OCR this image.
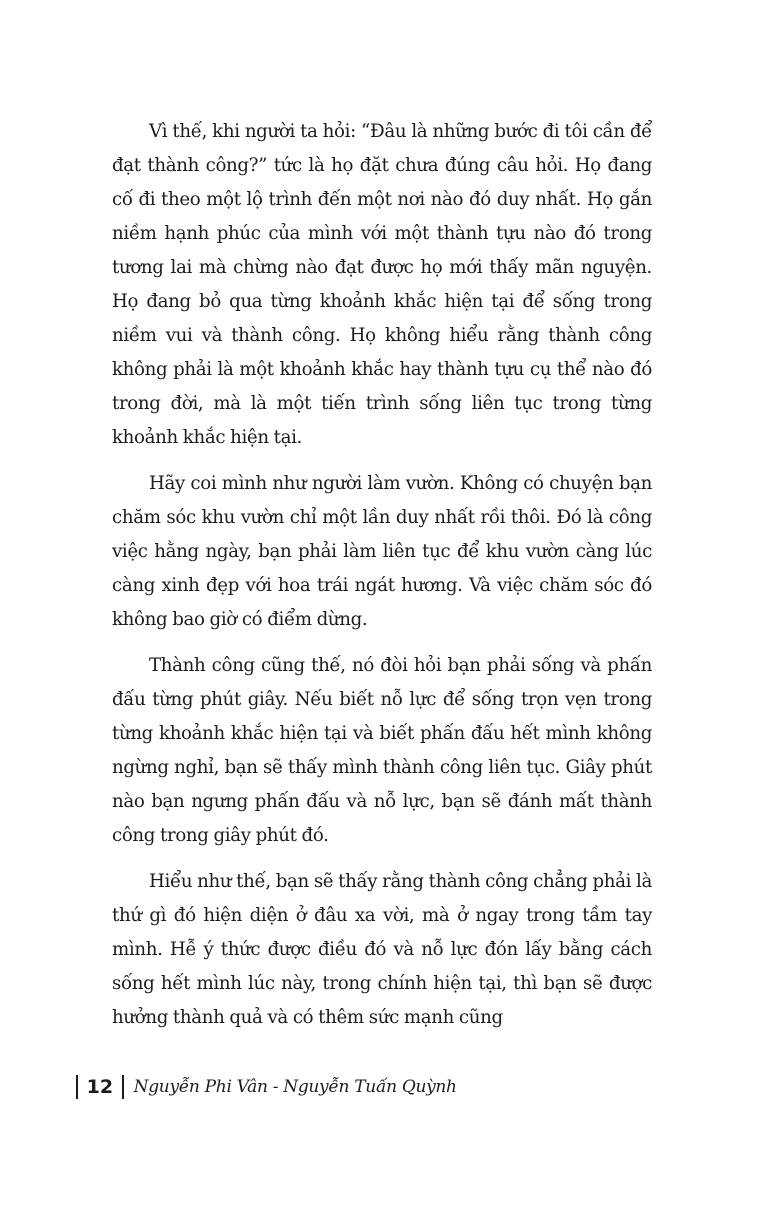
Vì thế, khi người ta hỏi: “Đâu là những bước đi tôi cần để đạt thành công?” tức là họ đặt chưa đúng câu hỏi. Họ đang cố đi theo một lộ trình đến một nơi nào đó duy nhất. Họ gắn niềm hạnh phúc của mình với một thành tựu nào đó trong tương lai mà chừng nào đạt được họ mới thấy mãn nguyện. Họ đang bỏ qua từng khoảnh khắc hiện tại để sống trong niềm vui và thành công. Họ không hiểu rằng thành công không phải là một khoảnh khắc hay thành tựu cụ thể nào đó trong đời, mà là một tiến trình sống liên tục trong từng khoảnh khắc hiện tại.

Hãy coi mình như người làm vườn. Không có chuyện bạn chăm sóc khu vườn chỉ một lần duy nhất rồi thôi. Đó là công việc hằng ngày, bạn phải làm liên tục để khu vườn càng lúc càng xinh đẹp với hoa trái ngát hương. Và việc chăm sóc đó không bao giờ có điểm dừng.

Thành công cũng thế, nó đòi hỏi bạn phải sống và phấn đấu từng phút giây. Nếu biết nỗ lực để sống trọn vẹn trong từng khoảnh khắc hiện tại và biết phấn đấu hết mình không ngừng nghỉ, bạn sẽ thấy mình thành công liên tục. Giây phút nào bạn ngưng phấn đấu và nỗ lực, bạn sẽ đánh mất thành công trong giây phút đó.

Hiểu như thế, bạn sẽ thấy rằng thành công chẳng phải là thứ gì đó hiện diện ở đâu xa vời, mà ở ngay trong tầm tay mình. Hễ ý thức được điều đó và nỗ lực đón lấy bằng cách sống hết mình lúc này, trong chính hiện tại, thì bạn sẽ được hưởng thành quả và có thêm sức mạnh cũng

12	Nguyễn Phi Vân - Nguyễn Tuấn Quỳnh
